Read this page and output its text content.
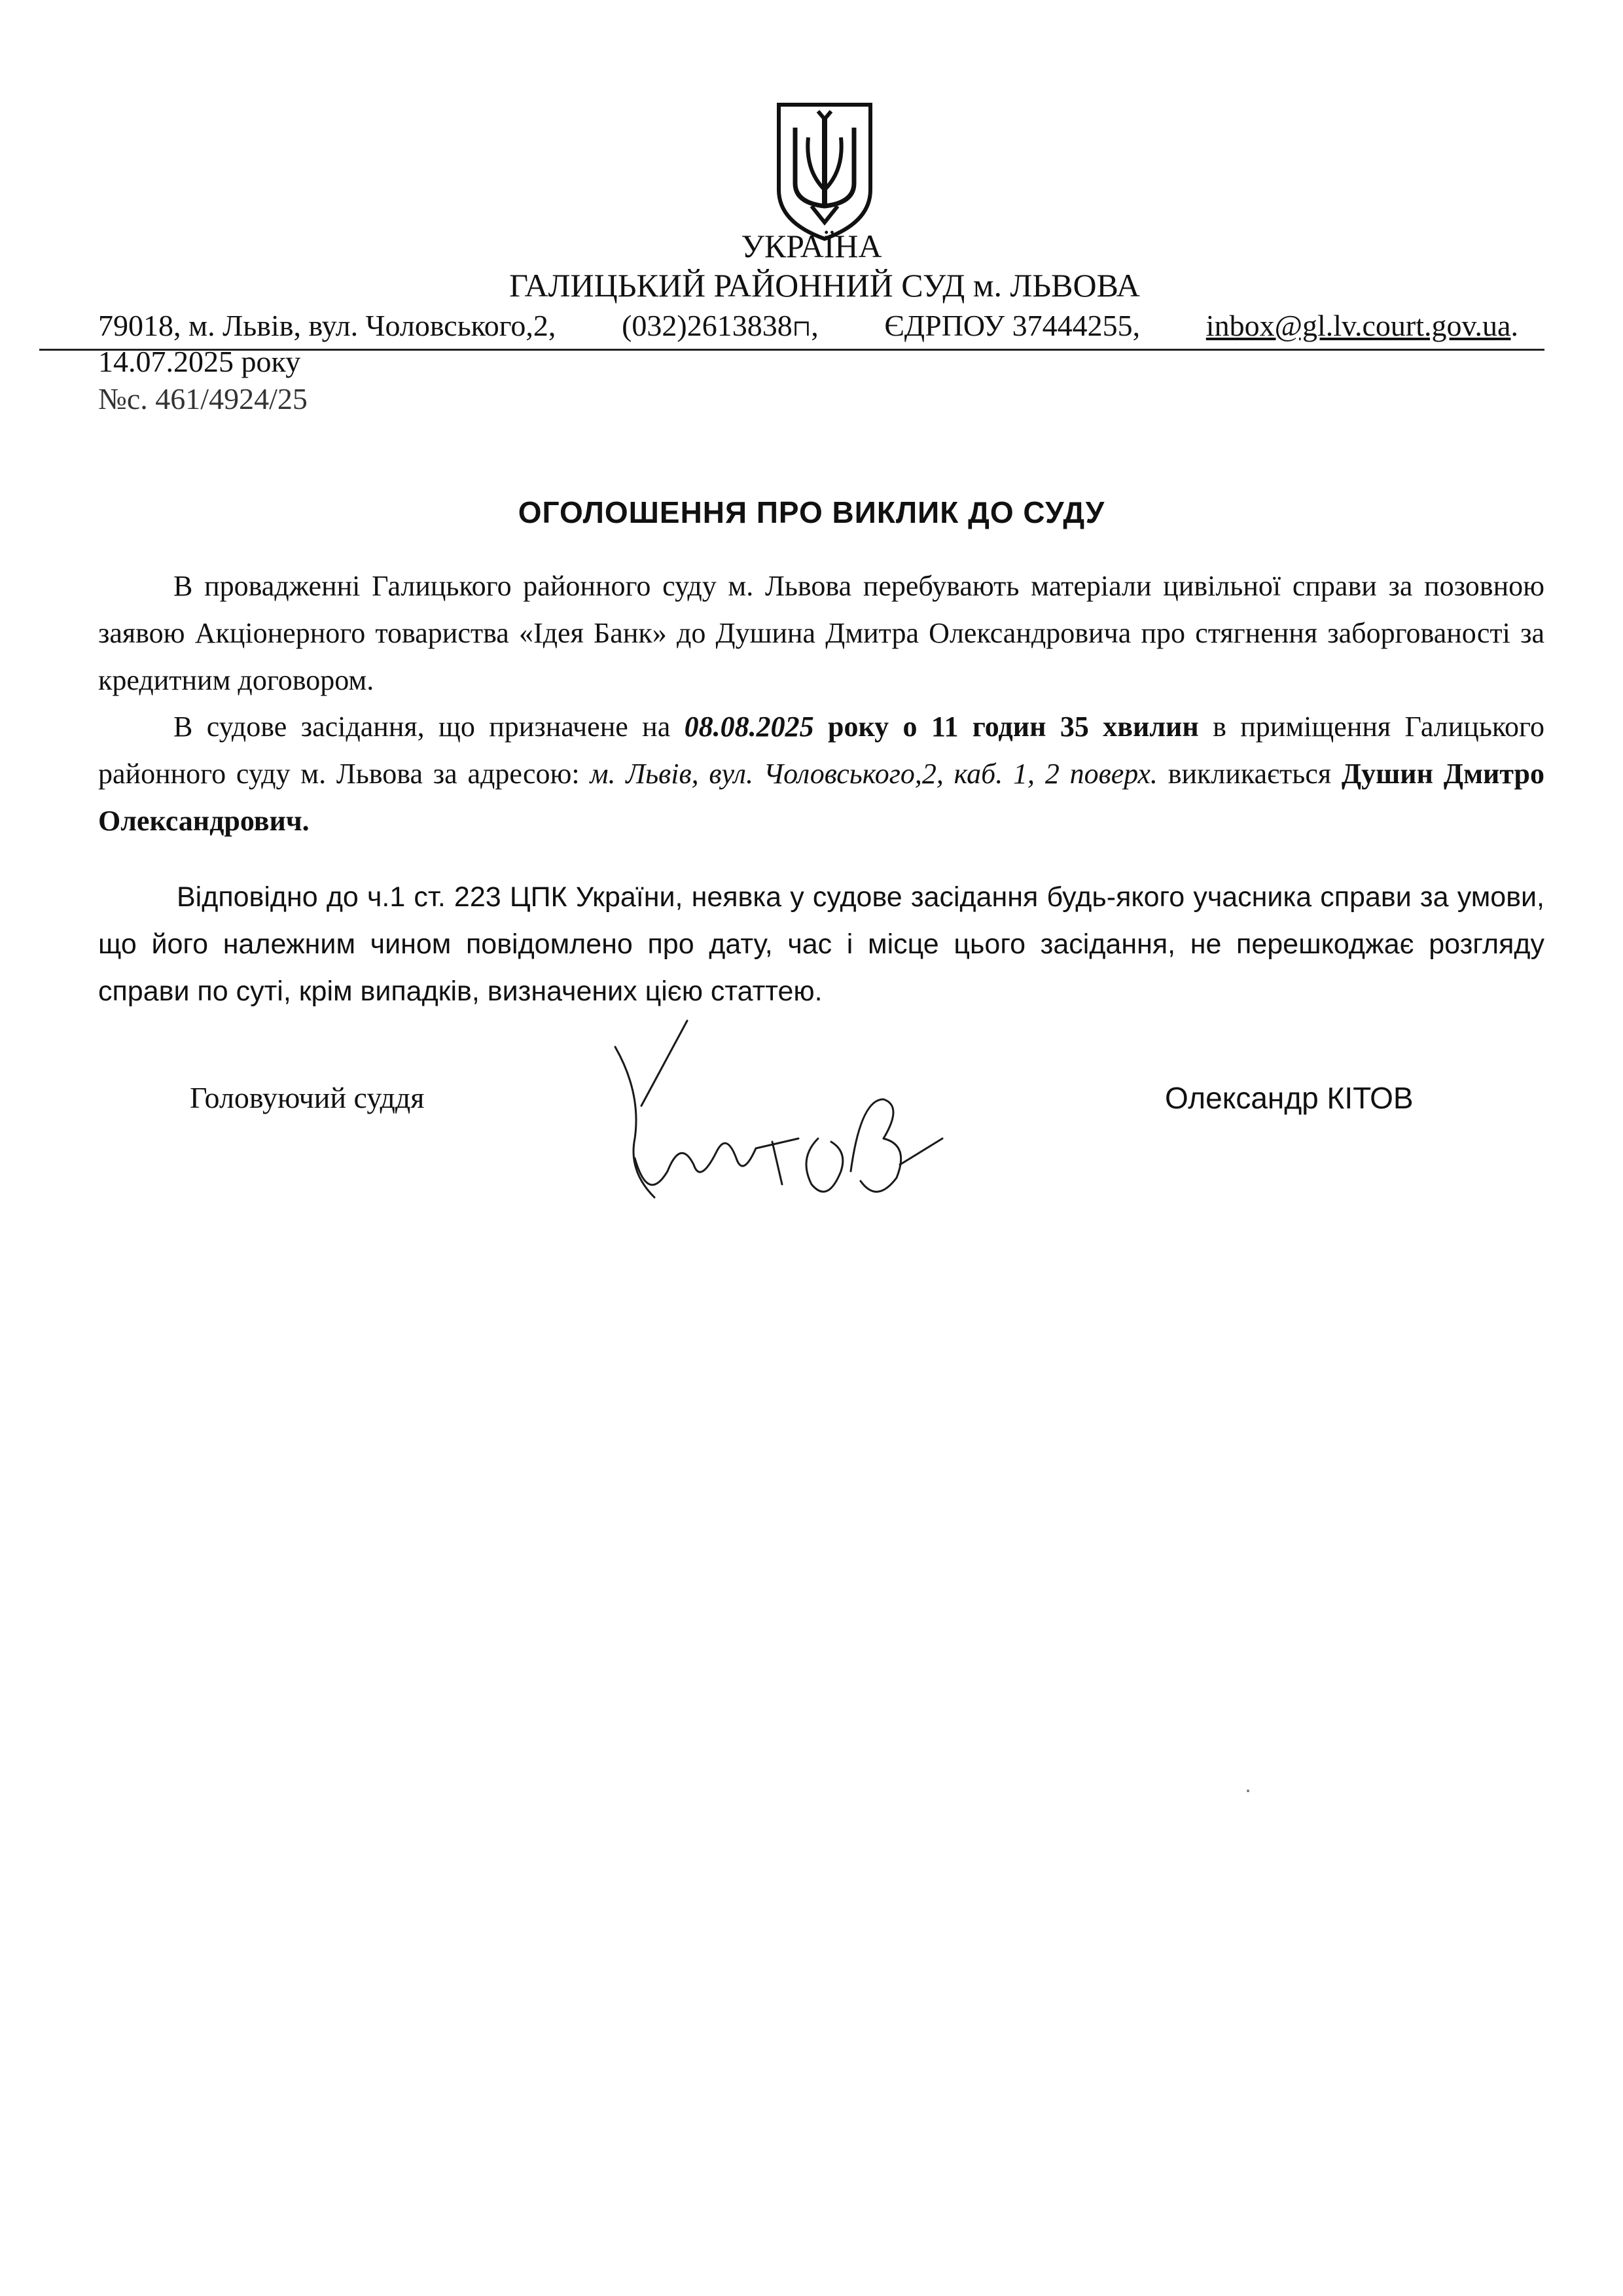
УКРАЇНА
ГАЛИЦЬКИЙ РАЙОННИЙ СУД м. ЛЬВОВА
79018, м. Львів, вул. Чоловського,2, (032)2613838⊓, ЄДРПОУ 37444255, inbox@gl.lv.court.gov.ua.
14.07.2025 року
№с. 461/4924/25
ОГОЛОШЕННЯ ПРО ВИКЛИК ДО СУДУ

В провадженні Галицького районного суду м. Львова перебувають матеріали цивільної справи за позовною заявою Акціонерного товариства «Ідея Банк» до Душина Дмитра Олександровича про стягнення заборгованості за кредитним договором.

В судове засідання, що призначене на 08.08.2025 року о 11 годин 35 хвилин в приміщення Галицького районного суду м. Львова за адресою: м. Львів, вул. Чоловського,2, каб. 1, 2 поверх. викликається Душин Дмитро Олександрович.

Відповідно до ч.1 ст. 223 ЦПК України, неявка у судове засідання будь-якого учасника справи за умови, що його належним чином повідомлено про дату, час і місце цього засідання, не перешкоджає розгляду справи по суті, крім випадків, визначених цією статтею.

Головуючий суддя	Олександр КІТОВ
